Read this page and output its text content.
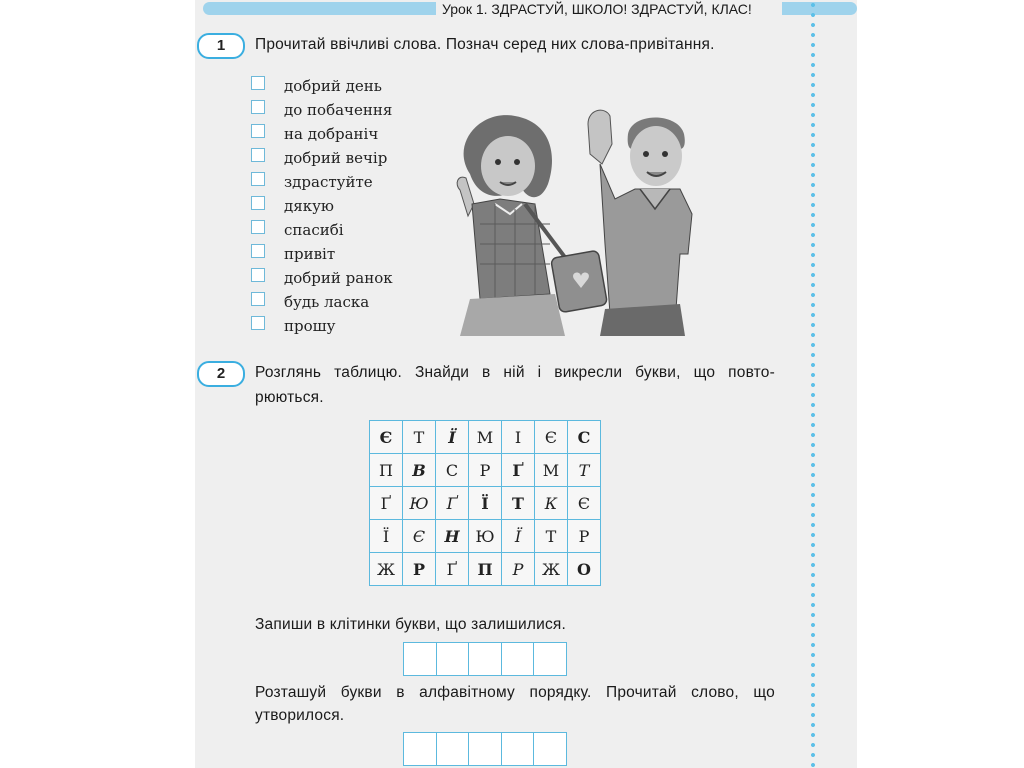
Урок 1. ЗДРАСТУЙ, ШКОЛО! ЗДРАСТУЙ, КЛАС!
1	Прочитай ввічливі слова. Познач серед них слова-привітання.
добрий день
до побачення
на добраніч
добрий вечір
здрастуйте
дякую
спасибі
привіт
добрий ранок
будь ласка
прошу
2	Розглянь таблицю. Знайди в ній і викресли букви, що повто-
рюються.
Є	Т	Ї	М	І	Є	С
П	В	С	Р	Ґ	М	Т
Ґ	Ю	Ґ	Ї	Т	К	Є
Ї	Є	Н	Ю	Ї	Т	Р
Ж	Р	Ґ	П	Р	Ж	О
Запиши в клітинки букви, що залишилися.
Розташуй букви в алфавітному порядку. Прочитай слово, що
утворилося.
